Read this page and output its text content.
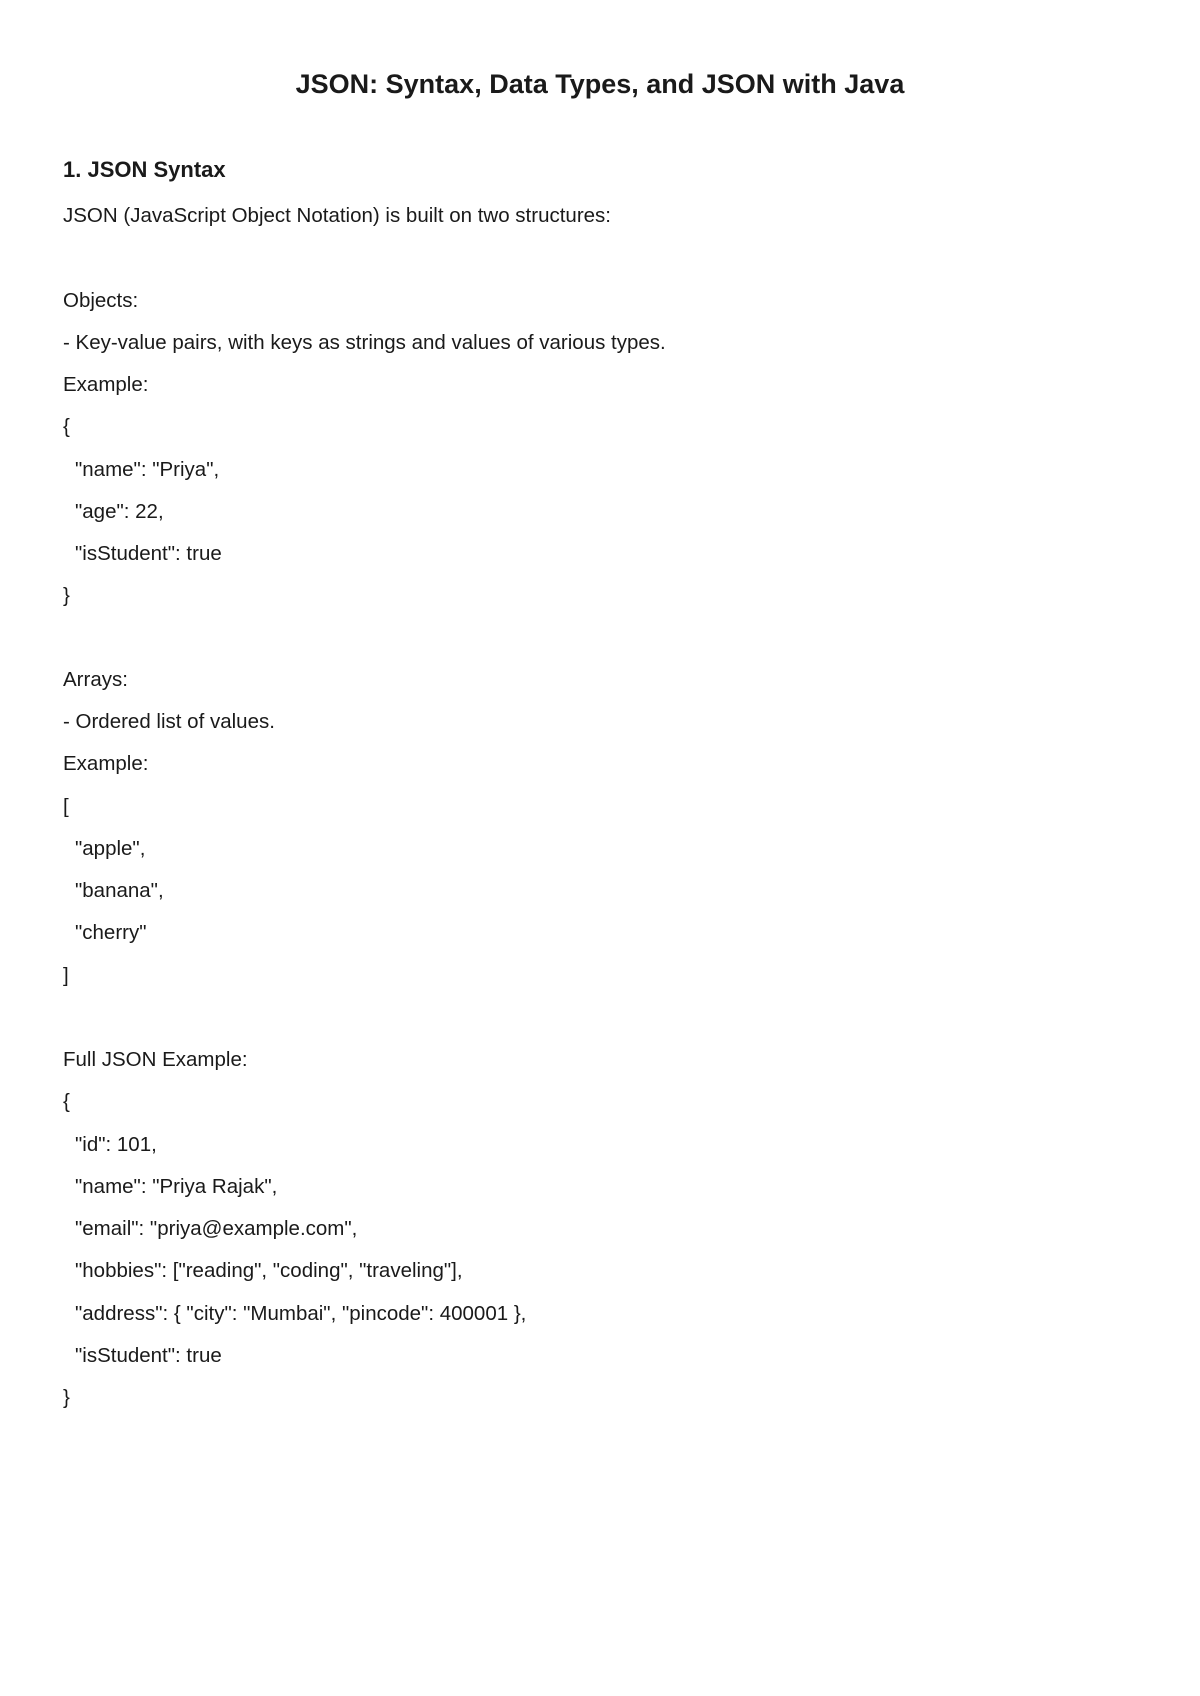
JSON: Syntax, Data Types, and JSON with Java
1. JSON Syntax
JSON (JavaScript Object Notation) is built on two structures:
Objects:
- Key-value pairs, with keys as strings and values of various types.
Example:
{
"name": "Priya",
"age": 22,
"isStudent": true
}
Arrays:
- Ordered list of values.
Example:
[
"apple",
"banana",
"cherry"
]
Full JSON Example:
{
"id": 101,
"name": "Priya Rajak",
"email": "priya@example.com",
"hobbies": ["reading", "coding", "traveling"],
"address": { "city": "Mumbai", "pincode": 400001 },
"isStudent": true
}
